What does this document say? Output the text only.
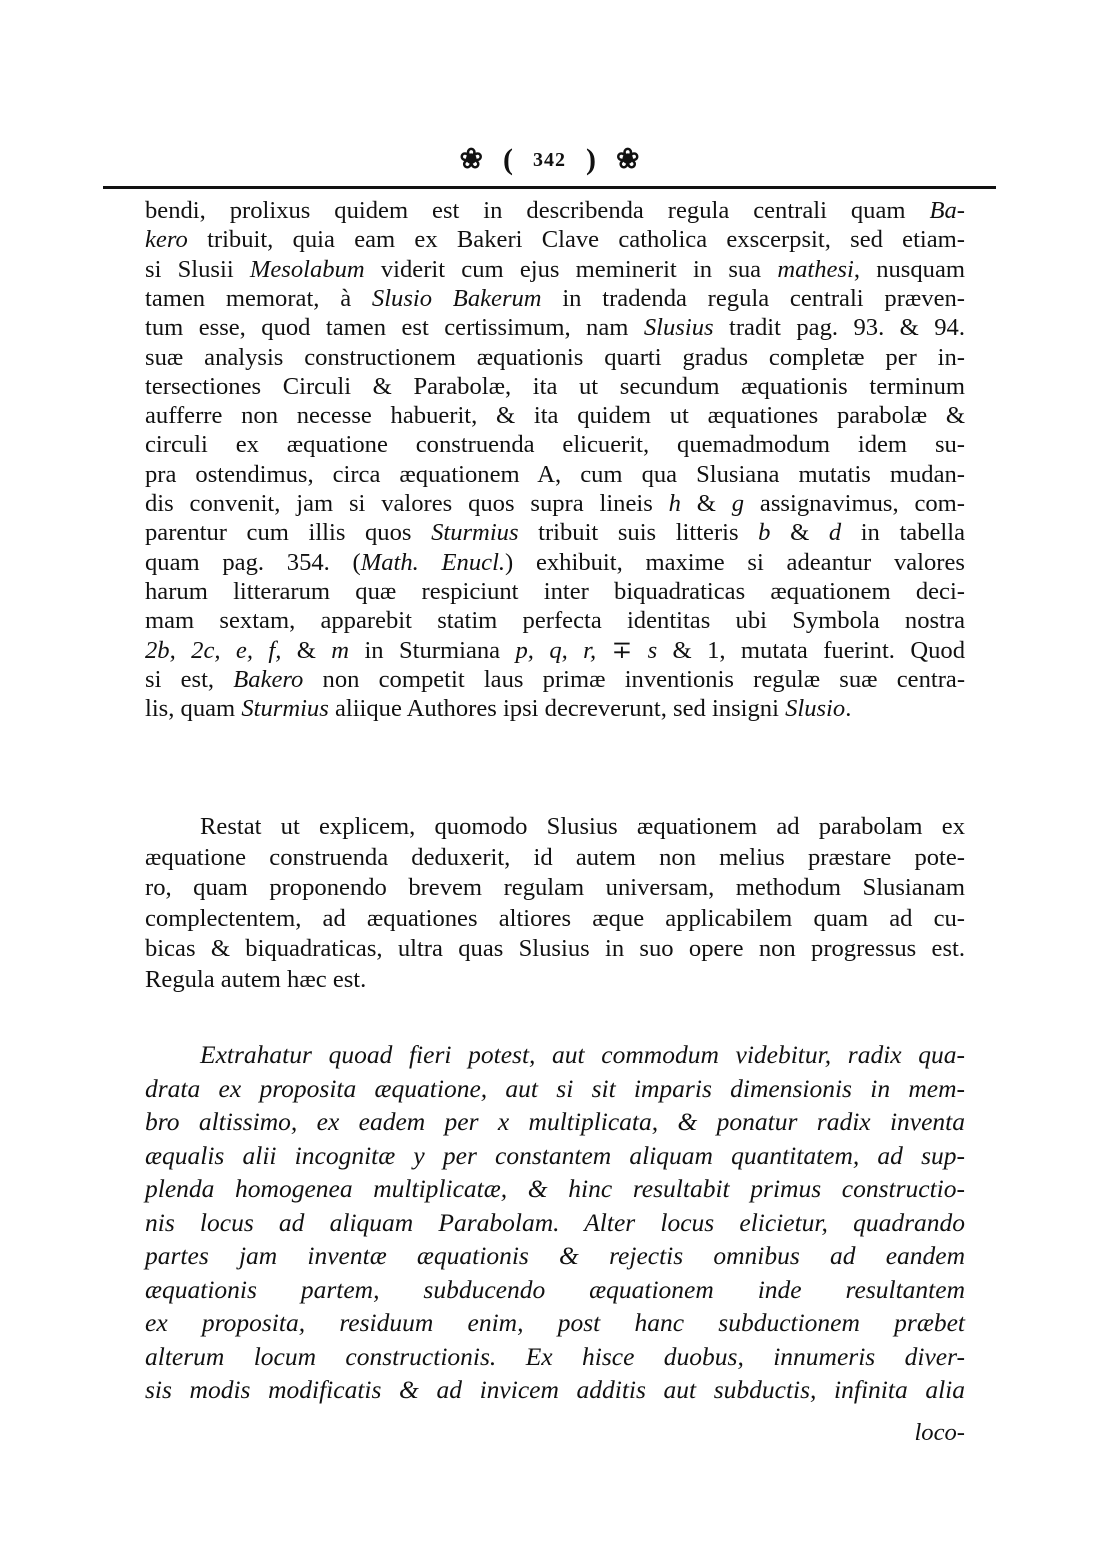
❀ ( 342 ) ❀
bendi, prolixus quidem est in describenda regula centrali quam Ba-
kero tribuit, quia eam ex Bakeri Clave catholica exscerpsit, sed etiam-
si Slusii Mesolabum viderit cum ejus meminerit in sua mathesi, nusquam
tamen memorat, à Slusio Bakerum in tradenda regula centrali præven-
tum esse, quod tamen est certissimum, nam Slusius tradit pag. 93. & 94.
suæ analysis constructionem æquationis quarti gradus completæ per in-
tersectiones Circuli & Parabolæ, ita ut secundum æquationis terminum
aufferre non necesse habuerit, & ita quidem ut æquationes parabolæ &
circuli ex æquatione construenda elicuerit, quemadmodum idem su-
pra ostendimus, circa æquationem A, cum qua Slusiana mutatis mudan-
dis convenit, jam si valores quos supra lineis h & g assignavimus, com-
parentur cum illis quos Sturmius tribuit suis litteris b & d in tabella
quam pag. 354. (Math. Enucl.) exhibuit, maxime si adeantur valores
harum litterarum quæ respiciunt inter biquadraticas æquationem deci-
mam sextam, apparebit statim perfecta identitas ubi Symbola nostra
2b, 2c, e, f, & m in Sturmiana p, q, r, ∓ s & 1, mutata fuerint. Quod
si est, Bakero non competit laus primæ inventionis regulæ suæ centra-
lis, quam Sturmius aliique Authores ipsi decreverunt, sed insigni Slusio.
Restat ut explicem, quomodo Slusius æquationem ad parabolam ex
æquatione construenda deduxerit, id autem non melius præstare pote-
ro, quam proponendo brevem regulam universam, methodum Slusianam
complectentem, ad æquationes altiores æque applicabilem quam ad cu-
bicas & biquadraticas, ultra quas Slusius in suo opere non progressus est.
Regula autem hæc est.
Extrahatur quoad fieri potest, aut commodum videbitur, radix qua-
drata ex proposita æquatione, aut si sit imparis dimensionis in mem-
bro altissimo, ex eadem per x multiplicata, & ponatur radix inventa
æqualis alii incognitæ y per constantem aliquam quantitatem, ad sup-
plenda homogenea multiplicatæ, & hinc resultabit primus constructio-
nis locus ad aliquam Parabolam. Alter locus elicietur, quadrando
partes jam inventæ æquationis & rejectis omnibus ad eandem
æquationis partem, subducendo æquationem inde resultantem
ex proposita, residuum enim, post hanc subductionem præbet
alterum locum constructionis. Ex hisce duobus, innumeris diver-
sis modis modificatis & ad invicem additis aut subductis, infinita alia
loco-
